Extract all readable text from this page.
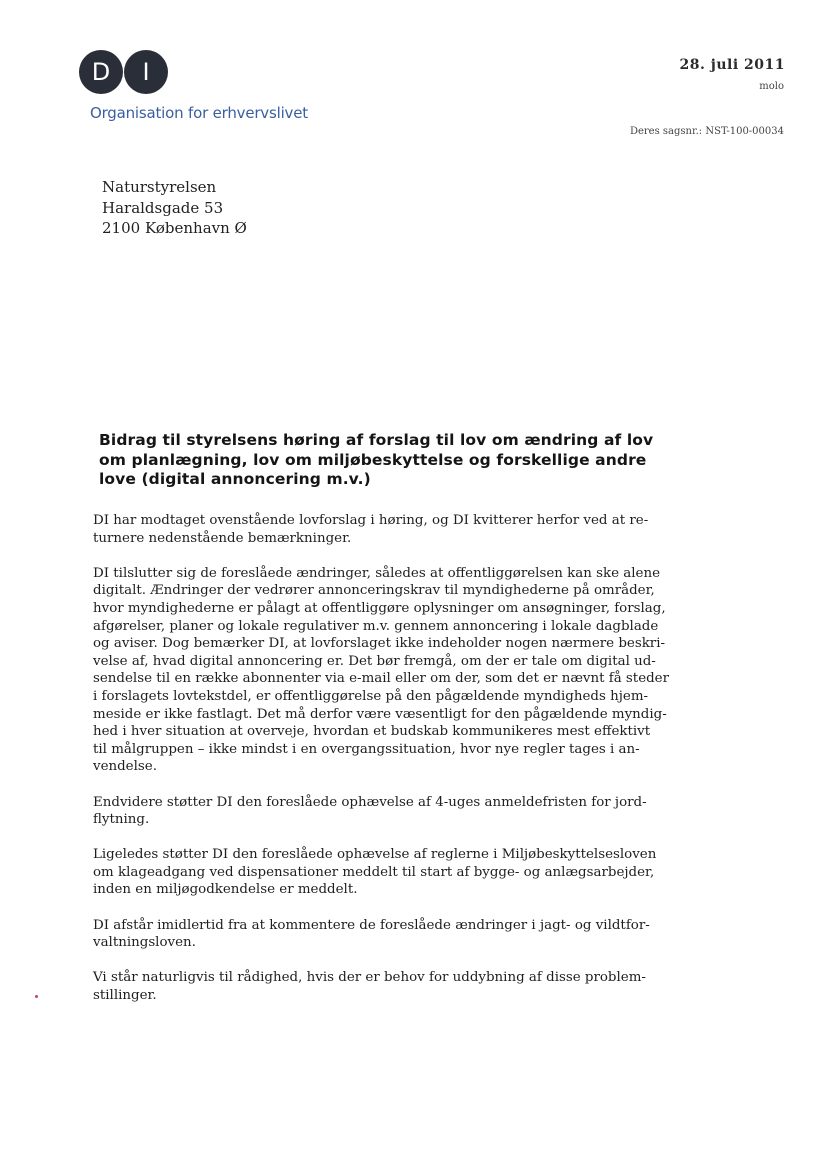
D	I
Organisation for erhvervslivet
28. juli 2011
molo
Deres sagsnr.: NST-100-00034
Naturstyrelsen
Haraldsgade 53
2100 København Ø
Bidrag til styrelsens høring af forslag til lov om ændring af lov
om planlægning, lov om miljøbeskyttelse og forskellige andre
love (digital annoncering m.v.)
DI har modtaget ovenstående lovforslag i høring, og DI kvitterer herfor ved at re-
turnere nedenstående bemærkninger.
DI tilslutter sig de foreslåede ændringer, således at offentliggørelsen kan ske alene
digitalt. Ændringer der vedrører annonceringskrav til myndighederne på områder,
hvor myndighederne er pålagt at offentliggøre oplysninger om ansøgninger, forslag,
afgørelser, planer og lokale regulativer m.v. gennem annoncering i lokale dagblade
og aviser. Dog bemærker DI, at lovforslaget ikke indeholder nogen nærmere beskri-
velse af, hvad digital annoncering er. Det bør fremgå, om der er tale om digital ud-
sendelse til en række abonnenter via e-mail eller om der, som det er nævnt få steder
i forslagets lovtekstdel, er offentliggørelse på den pågældende myndigheds hjem-
meside er ikke fastlagt. Det må derfor være væsentligt for den pågældende myndig-
hed i hver situation at overveje, hvordan et budskab kommunikeres mest effektivt
til målgruppen – ikke mindst i en overgangssituation, hvor nye regler tages i an-
vendelse.
Endvidere støtter DI den foreslåede ophævelse af 4-uges anmeldefristen for jord-
flytning.
Ligeledes støtter DI den foreslåede ophævelse af reglerne i Miljøbeskyttelsesloven
om klageadgang ved dispensationer meddelt til start af bygge- og anlægsarbejder,
inden en miljøgodkendelse er meddelt.
DI afstår imidlertid fra at kommentere de foreslåede ændringer i jagt- og vildtfor-
valtningsloven.
Vi står naturligvis til rådighed, hvis der er behov for uddybning af disse problem-
stillinger.
